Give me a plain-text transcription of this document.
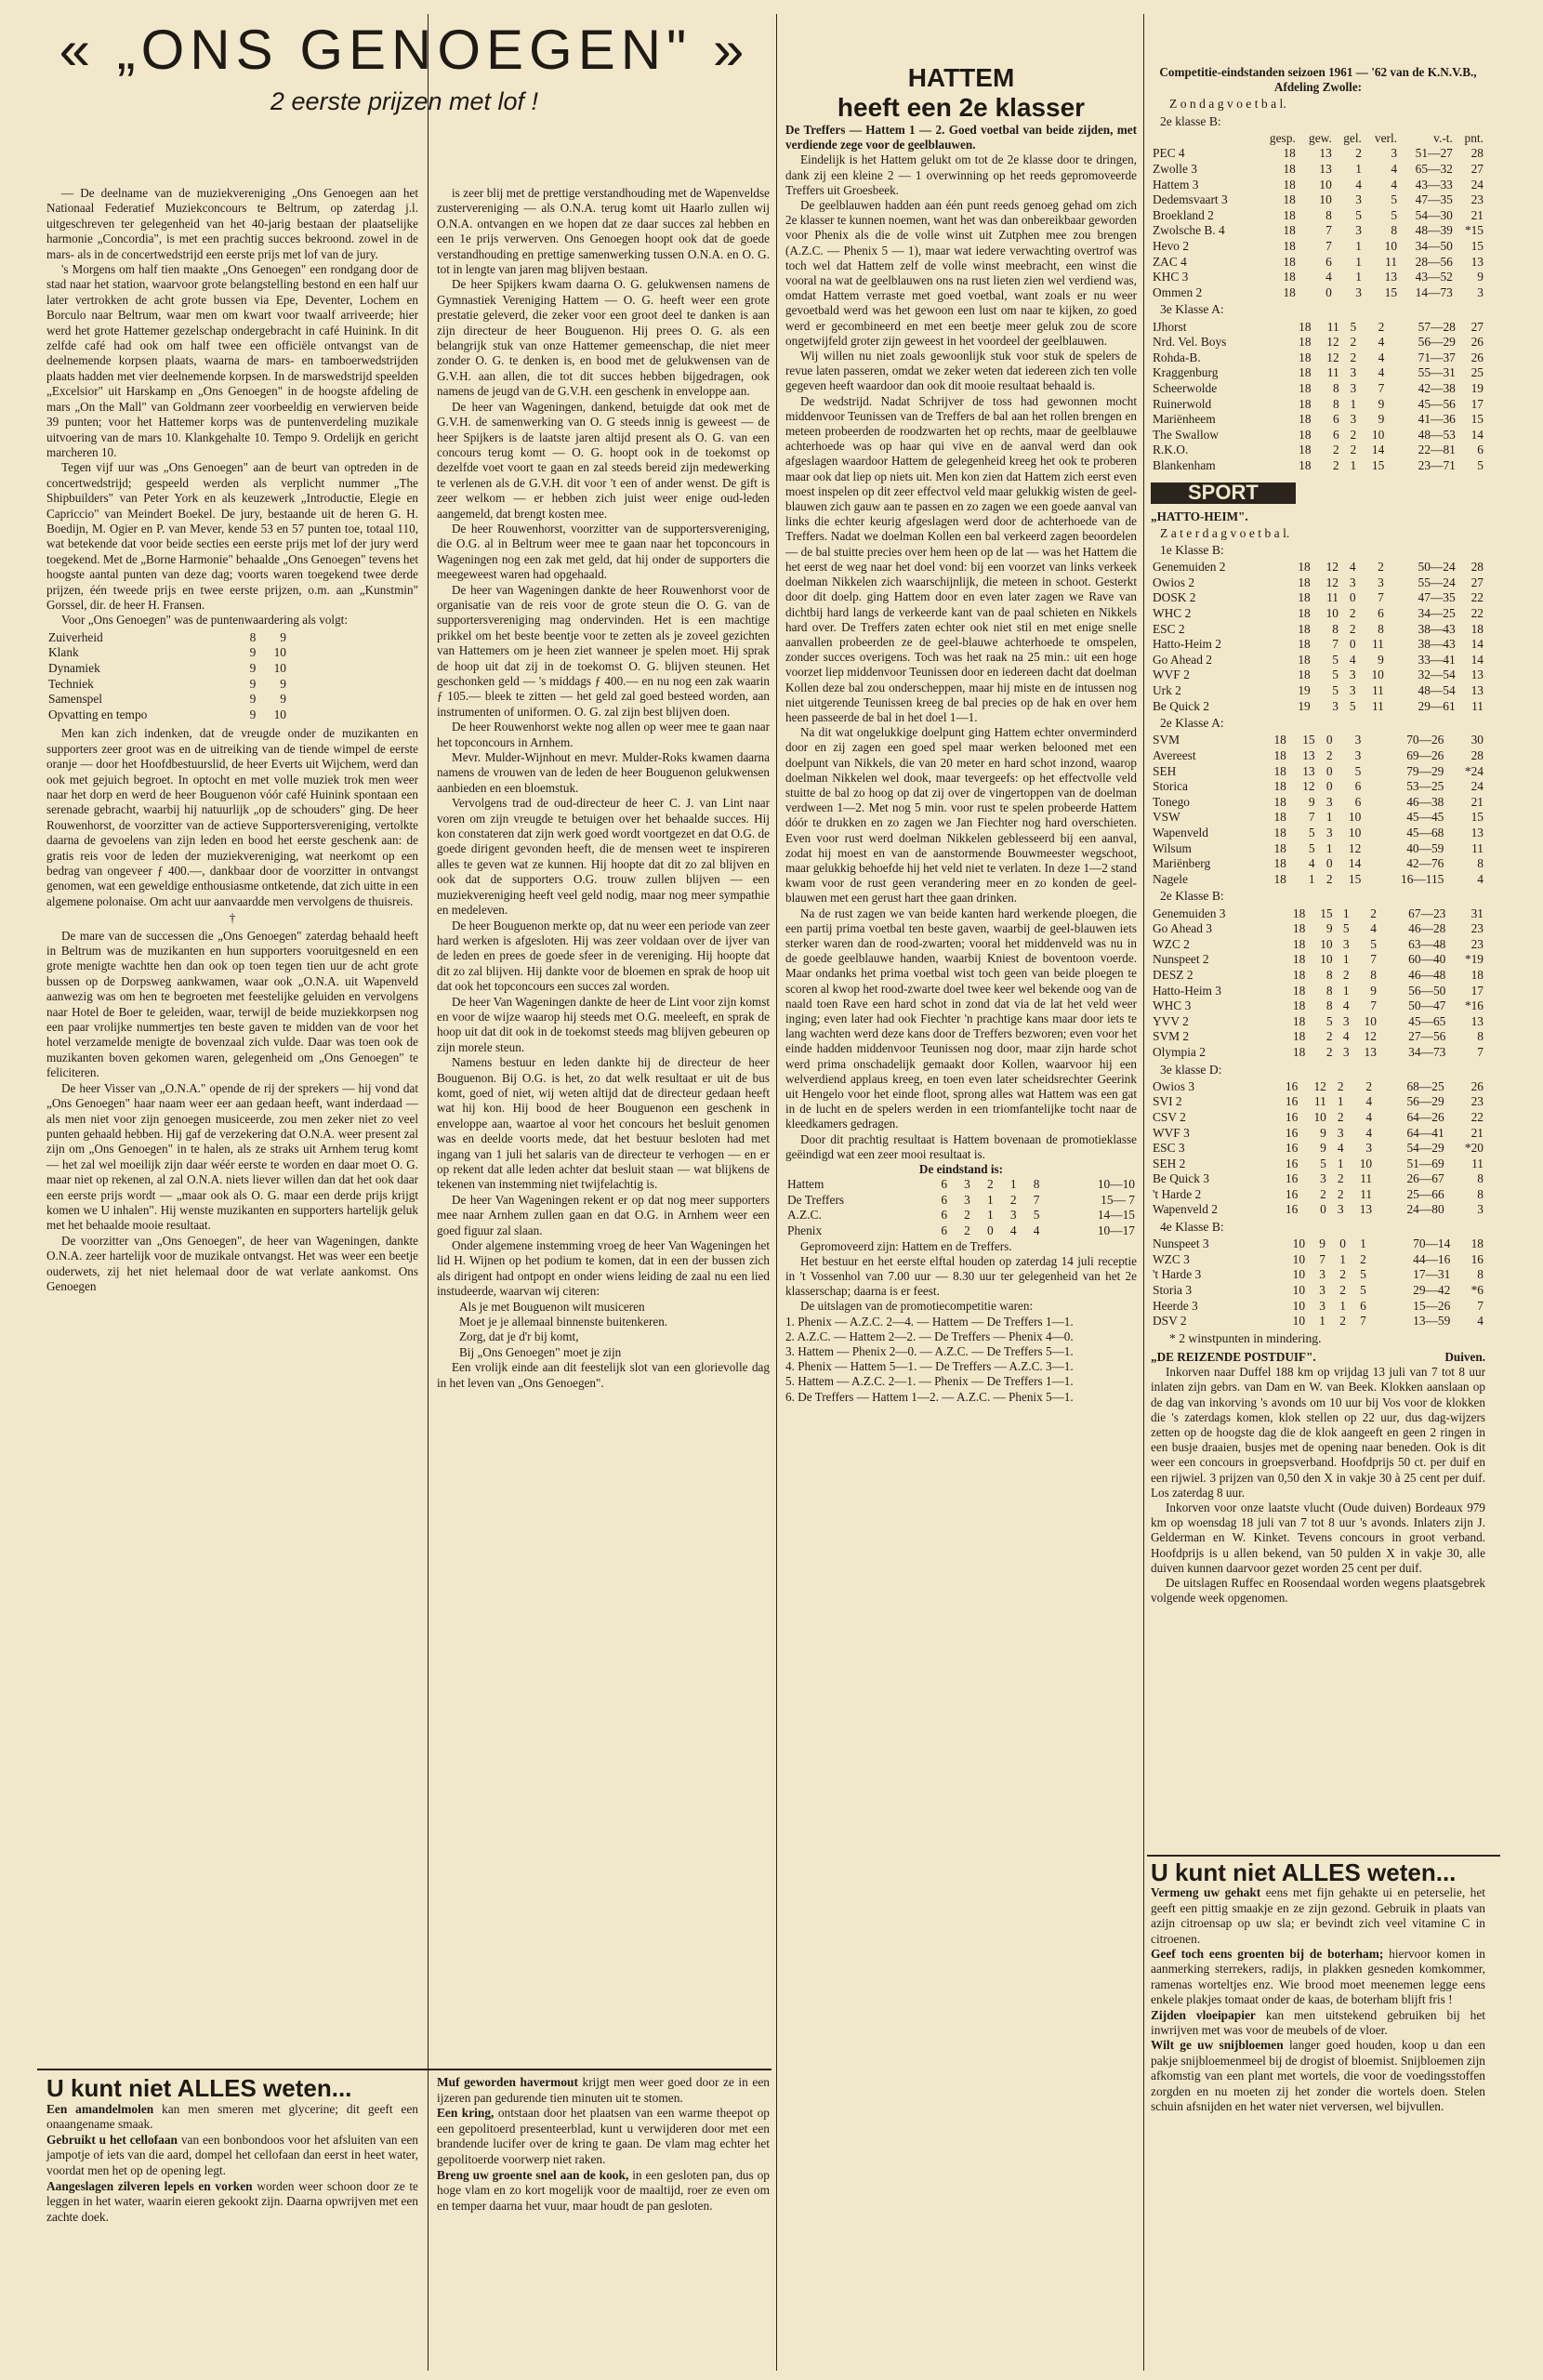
« „ONS GENOEGEN" »
2 eerste prijzen met lof !

— De deelname van de muziekvereniging „Ons Genoegen aan het Nationaal Federatief Muziekconcours te Beltrum, op zaterdag j.l. uitgeschreven ter gelegenheid van het 40-jarig bestaan der plaatselijke harmonie „Concordia", is met een prachtig succes bekroond. zowel in de mars- als in de concertwedstrijd een eerste prijs met lof van de jury.

's Morgens om half tien maakte „Ons Genoegen" een rondgang door de stad naar het station, waarvoor grote belangstelling bestond en een half uur later vertrokken de acht grote bussen via Epe, Deventer, Lochem en Borculo naar Beltrum, waar men om kwart voor twaalf arriveerde; hier werd het grote Hattemer gezelschap ondergebracht in café Huinink. In dit zelfde café had ook om half twee een officiële ontvangst van de deelnemende korpsen plaats, waarna de mars- en tamboerwedstrijden plaats hadden met vier deelnemende korpsen. In de marswedstrijd speelden „Excelsior" uit Harskamp en „Ons Genoegen" in de hoogste afdeling de mars „On the Mall" van Goldmann zeer voorbeeldig en verwierven beide 39 punten; voor het Hattemer korps was de puntenverdeling muzikale uitvoering van de mars 10. Klankgehalte 10. Tempo 9. Ordelijk en gericht marcheren 10.

Tegen vijf uur was „Ons Genoegen" aan de beurt van optreden in de concertwedstrijd; gespeeld werden als verplicht nummer „The Shipbuilders" van Peter York en als keuzewerk „Introductie, Elegie en Capriccio" van Meindert Boekel. De jury, bestaande uit de heren G. H. Boedijn, M. Ogier en P. van Mever, kende 53 en 57 punten toe, totaal 110, wat betekende dat voor beide secties een eerste prijs met lof der jury werd toegekend. Met de „Borne Harmonie" behaalde „Ons Genoegen" tevens het hoogste aantal punten van deze dag; voorts waren toegekend twee derde prijzen, één tweede prijs en twee eerste prijzen, o.m. aan „Kunstmin" Gorssel, dir. de heer H. Fransen.

Voor „Ons Genoegen" was de puntenwaardering als volgt:

Zuiverheid	8	9
Klank	9	10
Dynamiek	9	10
Techniek	9	9
Samenspel	9	9
Opvatting en tempo	9	10

Men kan zich indenken, dat de vreugde onder de muzikanten en supporters zeer groot was en de uitreiking van de tiende wimpel de eerste oranje — door het Hoofdbestuurslid, de heer Everts uit Wijchem, werd dan ook met gejuich begroet. In optocht en met volle muziek trok men weer naar het dorp en werd de heer Bouguenon vóór café Huinink spontaan een serenade gebracht, waarbij hij natuurlijk „op de schouders" ging. De heer Rouwenhorst, de voorzitter van de actieve Supportersvereniging, vertolkte daarna de gevoelens van zijn leden en bood het eerste geschenk aan: de gratis reis voor de leden der muziekvereniging, wat neerkomt op een bedrag van ongeveer ƒ 400.—, dankbaar door de voorzitter in ontvangst genomen, wat een geweldige enthousiasme ontketende, dat zich uitte in een algemene polonaise. Om acht uur aanvaardde men vervolgens de thuisreis.

†

De mare van de successen die „Ons Genoegen" zaterdag behaald heeft in Beltrum was de muzikanten en hun supporters vooruitgesneld en een grote menigte wachtte hen dan ook op toen tegen tien uur de acht grote bussen op de Dorpsweg aankwamen, waar ook „O.N.A. uit Wapenveld aanwezig was om hen te begroeten met feestelijke geluiden en vervolgens naar Hotel de Boer te geleiden, waar, terwijl de beide muziekkorpsen nog een paar vrolijke nummertjes ten beste gaven te midden van de voor het hotel verzamelde menigte de bovenzaal zich vulde. Daar was toen ook de muzikanten boven gekomen waren, gelegenheid om „Ons Genoegen" te feliciteren.

De heer Visser van „O.N.A." opende de rij der sprekers — hij vond dat „Ons Genoegen" haar naam weer eer aan gedaan heeft, want inderdaad — als men niet voor zijn genoegen musiceerde, zou men zeker niet zo veel punten gehaald hebben. Hij gaf de verzekering dat O.N.A. weer present zal zijn om „Ons Genoegen" in te halen, als ze straks uit Arnhem terug komt — het zal wel moeilijk zijn daar wéér eerste te worden en daar moet O. G. maar niet op rekenen, al zal O.N.A. niets liever willen dan dat het ook daar een eerste prijs wordt — „maar ook als O. G. maar een derde prijs krijgt komen we U inhalen". Hij wenste muzikanten en supporters hartelijk geluk met het behaalde mooie resultaat.

De voorzitter van „Ons Genoegen", de heer van Wageningen, dankte O.N.A. zeer hartelijk voor de muzikale ontvangst. Het was weer een beetje ouderwets, zij het niet helemaal door de wat verlate aankomst. Ons Genoegen

is zeer blij met de prettige verstandhouding met de Wapenveldse zustervereniging — als O.N.A. terug komt uit Haarlo zullen wij O.N.A. ontvangen en we hopen dat ze daar succes zal hebben en een 1e prijs verwerven. Ons Genoegen hoopt ook dat de goede verstandhouding en prettige samenwerking tussen O.N.A. en O. G. tot in lengte van jaren mag blijven bestaan.

De heer Spijkers kwam daarna O. G. gelukwensen namens de Gymnastiek Vereniging Hattem — O. G. heeft weer een grote prestatie geleverd, die zeker voor een groot deel te danken is aan zijn directeur de heer Bouguenon. Hij prees O. G. als een belangrijk stuk van onze Hattemer gemeenschap, die niet meer zonder O. G. te denken is, en bood met de gelukwensen van de G.V.H. aan allen, die tot dit succes hebben bijgedragen, ook namens de jeugd van de G.V.H. een geschenk in enveloppe aan.

De heer van Wageningen, dankend, betuigde dat ook met de G.V.H. de samenwerking van O. G steeds innig is geweest — de heer Spijkers is de laatste jaren altijd present als O. G. van een concours terug komt — O. G. hoopt ook in de toekomst op dezelfde voet voort te gaan en zal steeds bereid zijn medewerking te verlenen als de G.V.H. dit voor 't een of ander wenst. De gift is zeer welkom — er hebben zich juist weer enige oud-leden aangemeld, dat brengt kosten mee.

De heer Rouwenhorst, voorzitter van de supportersvereniging, die O.G. al in Beltrum weer mee te gaan naar het topconcours in Wageningen nog een zak met geld, dat hij onder de supporters die meegeweest waren had opgehaald.

De heer van Wageningen dankte de heer Rouwenhorst voor de organisatie van de reis voor de grote steun die O. G. van de supportersvereniging mag ondervinden. Het is een machtige prikkel om het beste beentje voor te zetten als je zoveel gezichten van Hattemers om je heen ziet wanneer je spelen moet. Hij sprak de hoop uit dat zij in de toekomst O. G. blijven steunen. Het geschonken geld — 's middags ƒ 400.— en nu nog een zak waarin ƒ 105.— bleek te zitten — het geld zal goed besteed worden, aan instrumenten of uniformen. O. G. zal zijn best blijven doen.

De heer Rouwenhorst wekte nog allen op weer mee te gaan naar het topconcours in Arnhem.

Mevr. Mulder-Wijnhout en mevr. Mulder-Roks kwamen daarna namens de vrouwen van de leden de heer Bouguenon gelukwensen aanbieden en een bloemstuk.

Vervolgens trad de oud-directeur de heer C. J. van Lint naar voren om zijn vreugde te betuigen over het behaalde succes. Hij kon constateren dat zijn werk goed wordt voortgezet en dat O.G. de goede dirigent gevonden heeft, die de mensen weet te inspireren alles te geven wat ze kunnen. Hij hoopte dat dit zo zal blijven en ook dat de supporters O.G. trouw zullen blijven — een muziekvereniging heeft veel geld nodig, maar nog meer sympathie en medeleven.

De heer Bouguenon merkte op, dat nu weer een periode van zeer hard werken is afgesloten. Hij was zeer voldaan over de ijver van de leden en prees de goede sfeer in de vereniging. Hij hoopte dat dit zo zal blijven. Hij dankte voor de bloemen en sprak de hoop uit dat ook het topconcours een succes zal worden.

De heer Van Wageningen dankte de heer de Lint voor zijn komst en voor de wijze waarop hij steeds met O.G. meeleeft, en sprak de hoop uit dat dit ook in de toekomst steeds mag blijven gebeuren op zijn morele steun.

Namens bestuur en leden dankte hij de directeur de heer Bouguenon. Bij O.G. is het, zo dat welk resultaat er uit de bus komt, goed of niet, wij weten altijd dat de directeur gedaan heeft wat hij kon. Hij bood de heer Bouguenon een geschenk in enveloppe aan, waartoe al voor het concours het besluit genomen was en deelde voorts mede, dat het bestuur besloten had met ingang van 1 juli het salaris van de directeur te verhogen — en er op rekent dat alle leden achter dat besluit staan — wat blijkens de tekenen van instemming niet twijfelachtig is.

De heer Van Wageningen rekent er op dat nog meer supporters mee naar Arnhem zullen gaan en dat O.G. in Arnhem weer een goed figuur zal slaan.

Onder algemene instemming vroeg de heer Van Wageningen het lid H. Wijnen op het podium te komen, dat in een der bussen zich als dirigent had ontpopt en onder wiens leiding de zaal nu een lied instudeerde, waarvan wij citeren:

Als je met Bouguenon wilt musiceren
Moet je je allemaal binnenste buitenkeren.
Zorg, dat je d'r bij komt,
Bij „Ons Genoegen" moet je zijn

Een vrolijk einde aan dit feestelijk slot van een glorievolle dag in het leven van „Ons Genoegen".

U kunt niet ALLES weten...

Een amandelmolen kan men smeren met glycerine; dit geeft een onaangename smaak.

Gebruikt u het cellofaan van een bonbondoos voor het afsluiten van een jampotje of iets van die aard, dompel het cellofaan dan eerst in heet water, voordat men het op de opening legt.

Aangeslagen zilveren lepels en vorken worden weer schoon door ze te leggen in het water, waarin eieren gekookt zijn. Daarna opwrijven met een zachte doek.

Muf geworden havermout krijgt men weer goed door ze in een ijzeren pan gedurende tien minuten uit te stomen.

Een kring, ontstaan door het plaatsen van een warme theepot op een gepolitoerd presenteerblad, kunt u verwijderen door met een brandende lucifer over de kring te gaan. De vlam mag echter het gepolitoerde voorwerp niet raken.

Breng uw groente snel aan de kook, in een gesloten pan, dus op hoge vlam en zo kort mogelijk voor de maaltijd, roer ze even om en temper daarna het vuur, maar houdt de pan gesloten.

HATTEM
heeft een 2e klasser

De Treffers — Hattem 1 — 2. Goed voetbal van beide zijden, met verdiende zege voor de geelblauwen.

Eindelijk is het Hattem gelukt om tot de 2e klasse door te dringen, dank zij een kleine 2 — 1 overwinning op het reeds gepromoveerde Treffers uit Groesbeek.

De geelblauwen hadden aan één punt reeds genoeg gehad om zich 2e klasser te kunnen noemen, want het was dan onbereikbaar geworden voor Phenix als die de volle winst uit Zutphen mee zou brengen (A.Z.C. — Phenix 5 — 1), maar wat iedere verwachting overtrof was toch wel dat Hattem zelf de volle winst meebracht, een winst die vooral na wat de geelblauwen ons na rust lieten zien wel verdiend was, omdat Hattem verraste met goed voetbal, want zoals er nu weer gevoetbald werd was het gewoon een lust om naar te kijken, zo goed werd er gecombineerd en met een beetje meer geluk zou de score ongetwijfeld groter zijn geweest in het voordeel der geelblauwen.

Wij willen nu niet zoals gewoonlijk stuk voor stuk de spelers de revue laten passeren, omdat we zeker weten dat iedereen zich ten volle gegeven heeft waardoor dan ook dit mooie resultaat behaald is.

De wedstrijd. Nadat Schrijver de toss had gewonnen mocht middenvoor Teunissen van de Treffers de bal aan het rollen brengen en meteen probeerden de roodzwarten het op rechts, maar de geelblauwe achterhoede was op haar qui vive en de aanval werd dan ook afgeslagen waardoor Hattem de gelegenheid kreeg het ook te proberen maar ook dat liep op niets uit. Men kon zien dat Hattem zich eerst even moest inspelen op dit zeer effectvol veld maar gelukkig wisten de geel-blauwen zich gauw aan te passen en zo zagen we een goede aanval van links die echter keurig afgeslagen werd door de achterhoede van de Treffers. Nadat we doelman Kollen een bal verkeerd zagen beoordelen — de bal stuitte precies over hem heen op de lat — was het Hattem die het eerst de weg naar het doel vond: bij een voorzet van links verkeek doelman Nikkelen zich waarschijnlijk, die meteen in schoot. Gesterkt door dit doelp. ging Hattem door en even later zagen we Rave van dichtbij hard langs de verkeerde kant van de paal schieten en Nikkels hard over. De Treffers zaten echter ook niet stil en met enige snelle aanvallen probeerden ze de geel-blauwe achterhoede te omspelen, zonder succes overigens. Toch was het raak na 25 min.: uit een hoge voorzet liep middenvoor Teunissen door en iedereen dacht dat doelman Kollen deze bal zou onderscheppen, maar hij miste en de intussen nog niet uitgerende Teunissen kreeg de bal precies op de hak en over hem heen passeerde de bal in het doel 1—1.

Na dit wat ongelukkige doelpunt ging Hattem echter onverminderd door en zij zagen een goed spel maar werken belooned met een doelpunt van Nikkels, die van 20 meter en hard schot inzond, waarop doelman Nikkelen wel dook, maar tevergeefs: op het effectvolle veld stuitte de bal zo hoog op dat zij over de vingertoppen van de doelman verdween 1—2. Met nog 5 min. voor rust te spelen probeerde Hattem dóór te drukken en zo zagen we Jan Fiechter nog hard overschieten. Even voor rust werd doelman Nikkelen geblesseerd bij een aanval, zodat hij moest en van de aanstormende Bouwmeester wegschoot, maar gelukkig behoefde hij het veld niet te verlaten. In deze 1—2 stand kwam voor de rust geen verandering meer en zo konden de geel-blauwen met een gerust hart thee gaan drinken.

Na de rust zagen we van beide kanten hard werkende ploegen, die een partij prima voetbal ten beste gaven, waarbij de geel-blauwen iets sterker waren dan de rood-zwarten; vooral het middenveld was nu in de goede geelblauwe handen, waarbij Kniest de boventoon voerde. Maar ondanks het prima voetbal wist toch geen van beide ploegen te scoren al kwop het rood-zwarte doel twee keer wel bekende oog van de naald toen Rave een hard schot in zond dat via de lat het veld weer inging; even later had ook Fiechter 'n prachtige kans maar door iets te lang wachten werd deze kans door de Treffers bezworen; even voor het einde hadden middenvoor Teunissen nog door, maar zijn harde schot werd prima onschadelijk gemaakt door Kollen, waarvoor hij een welverdiend applaus kreeg, en toen even later scheidsrechter Geerink uit Hengelo voor het einde floot, sprong alles wat Hattem was een gat in de lucht en de spelers werden in een triomfantelijke tocht naar de kleedkamers gedragen.

Door dit prachtig resultaat is Hattem bovenaan de promotieklasse geëindigd wat een zeer mooi resultaat is.

De eindstand is:
Hattem	6	3	2	1	8	10—10
De Treffers	6	3	1	2	7	15— 7
A.Z.C.	6	2	1	3	5	14—15
Phenix	6	2	0	4	4	10—17

Gepromoveerd zijn: Hattem en de Treffers.

Het bestuur en het eerste elftal houden op zaterdag 14 juli receptie in 't Vossenhol van 7.00 uur — 8.30 uur ter gelegenheid van het 2e klasserschap; daarna is er feest.

De uitslagen van de promotiecompetitie waren:

1. Phenix — A.Z.C. 2—4. — Hattem — De Treffers 1—1.
2. A.Z.C. — Hattem 2—2. — De Treffers — Phenix 4—0.
3. Hattem — Phenix 2—0. — A.Z.C. — De Treffers 5—1.
4. Phenix — Hattem 5—1. — De Treffers — A.Z.C. 3—1.
5. Hattem — A.Z.C. 2—1. — Phenix — De Treffers 1—1.
6. De Treffers — Hattem 1—2. — A.Z.C. — Phenix 5—1.
Competitie-eindstanden seizoen 1961 — '62 van de K.N.V.B., Afdeling Zwolle:
Z o n d a g v o e t b a l.
2e klasse B:
	gesp.	gew.	gel.	verl.	v.-t.	pnt.
PEC 4	18	13	2	3	51—27	28
Zwolle 3	18	13	1	4	65—32	27
Hattem 3	18	10	4	4	43—33	24
Dedemsvaart 3	18	10	3	5	47—35	23
Broekland 2	18	8	5	5	54—30	21
Zwolsche B. 4	18	7	3	8	48—39	*15
Hevo 2	18	7	1	10	34—50	15
ZAC 4	18	6	1	11	28—56	13
KHC 3	18	4	1	13	43—52	9
Ommen 2	18	0	3	15	14—73	3
3e Klasse A:
IJhorst	18	11	5	2	57—28	27
Nrd. Vel. Boys	18	12	2	4	56—29	26
Rohda-B.	18	12	2	4	71—37	26
Kraggenburg	18	11	3	4	55—31	25
Scheerwolde	18	8	3	7	42—38	19
Ruinerwold	18	8	1	9	45—56	17
Mariënheem	18	6	3	9	41—36	15
The Swallow	18	6	2	10	48—53	14
R.K.O.	18	2	2	14	22—81	6
Blankenham	18	2	1	15	23—71	5
SPORT
„HATTO-HEIM".
Z a t e r d a g v o e t b a l.
1e Klasse B:
Genemuiden 2	18	12	4	2	50—24	28
Owios 2	18	12	3	3	55—24	27
DOSK 2	18	11	0	7	47—35	22
WHC 2	18	10	2	6	34—25	22
ESC 2	18	8	2	8	38—43	18
Hatto-Heim 2	18	7	0	11	38—43	14
Go Ahead 2	18	5	4	9	33—41	14
WVF 2	18	5	3	10	32—54	13
Urk 2	19	5	3	11	48—54	13
Be Quick 2	19	3	5	11	29—61	11
2e Klasse A:
SVM	18	15	0	3	70—26	30
Avereest	18	13	2	3	69—26	28
SEH	18	13	0	5	79—29	*24
Storica	18	12	0	6	53—25	24
Tonego	18	9	3	6	46—38	21
VSW	18	7	1	10	45—45	15
Wapenveld	18	5	3	10	45—68	13
Wilsum	18	5	1	12	40—59	11
Mariënberg	18	4	0	14	42—76	8
Nagele	18	1	2	15	16—115	4
2e Klasse B:
Genemuiden 3	18	15	1	2	67—23	31
Go Ahead 3	18	9	5	4	46—28	23
WZC 2	18	10	3	5	63—48	23
Nunspeet 2	18	10	1	7	60—40	*19
DESZ 2	18	8	2	8	46—48	18
Hatto-Heim 3	18	8	1	9	56—50	17
WHC 3	18	8	4	7	50—47	*16
YVV 2	18	5	3	10	45—65	13
SVM 2	18	2	4	12	27—56	8
Olympia 2	18	2	3	13	34—73	7
3e klasse D:
Owios 3	16	12	2	2	68—25	26
SVI 2	16	11	1	4	56—29	23
CSV 2	16	10	2	4	64—26	22
WVF 3	16	9	3	4	64—41	21
ESC 3	16	9	4	3	54—29	*20
SEH 2	16	5	1	10	51—69	11
Be Quick 3	16	3	2	11	26—67	8
't Harde 2	16	2	2	11	25—66	8
Wapenveld 2	16	0	3	13	24—80	3
4e Klasse B:
Nunspeet 3	10	9	0	1	70—14	18
WZC 3	10	7	1	2	44—16	16
't Harde 3	10	3	2	5	17—31	8
Storia 3	10	3	2	5	29—42	*6
Heerde 3	10	3	1	6	15—26	7
DSV 2	10	1	2	7	13—59	4
* 2 winstpunten in mindering.
„DE REIZENDE POSTDUIF".	Duiven.

Inkorven naar Duffel 188 km op vrijdag 13 juli van 7 tot 8 uur inlaten zijn gebrs. van Dam en W. van Beek. Klokken aanslaan op de dag van inkorving 's avonds om 10 uur bij Vos voor de klokken die 's zaterdags komen, klok stellen op 22 uur, dus dag-wijzers zetten op de hoogste dag die de klok aangeeft en geen 2 ringen in een busje draaien, busjes met de opening naar beneden. Ook is dit weer een concours in groepsverband. Hoofdprijs 50 ct. per duif en een rijwiel. 3 prijzen van 0,50 den X in vakje 30 à 25 cent per duif. Los zaterdag 8 uur.

Inkorven voor onze laatste vlucht (Oude duiven) Bordeaux 979 km op woensdag 18 juli van 7 tot 8 uur 's avonds. Inlaters zijn J. Gelderman en W. Kinket. Tevens concours in groot verband. Hoofdprijs is u allen bekend, van 50 pulden X in vakje 30, alle duiven kunnen daarvoor gezet worden 25 cent per duif.

De uitslagen Ruffec en Roosendaal worden wegens plaatsgebrek volgende week opgenomen.

U kunt niet ALLES weten...

Vermeng uw gehakt eens met fijn gehakte ui en peterselie, het geeft een pittig smaakje en ze zijn gezond. Gebruik in plaats van azijn citroensap op uw sla; er bevindt zich veel vitamine C in citroenen.

Geef toch eens groenten bij de boterham; hiervoor komen in aanmerking sterrekers, radijs, in plakken gesneden komkommer, ramenas worteltjes enz. Wie brood moet meenemen legge eens enkele plakjes tomaat onder de kaas, de boterham blijft fris !

Zijden vloeipapier kan men uitstekend gebruiken bij het inwrijven met was voor de meubels of de vloer.

Wilt ge uw snijbloemen langer goed houden, koop u dan een pakje snijbloemenmeel bij de drogist of bloemist. Snijbloemen zijn afkomstig van een plant met wortels, die voor de voedingsstoffen zorgden en nu moeten zij het zonder die wortels doen. Stelen schuin afsnijden en het water niet verversen, wel bijvullen.
